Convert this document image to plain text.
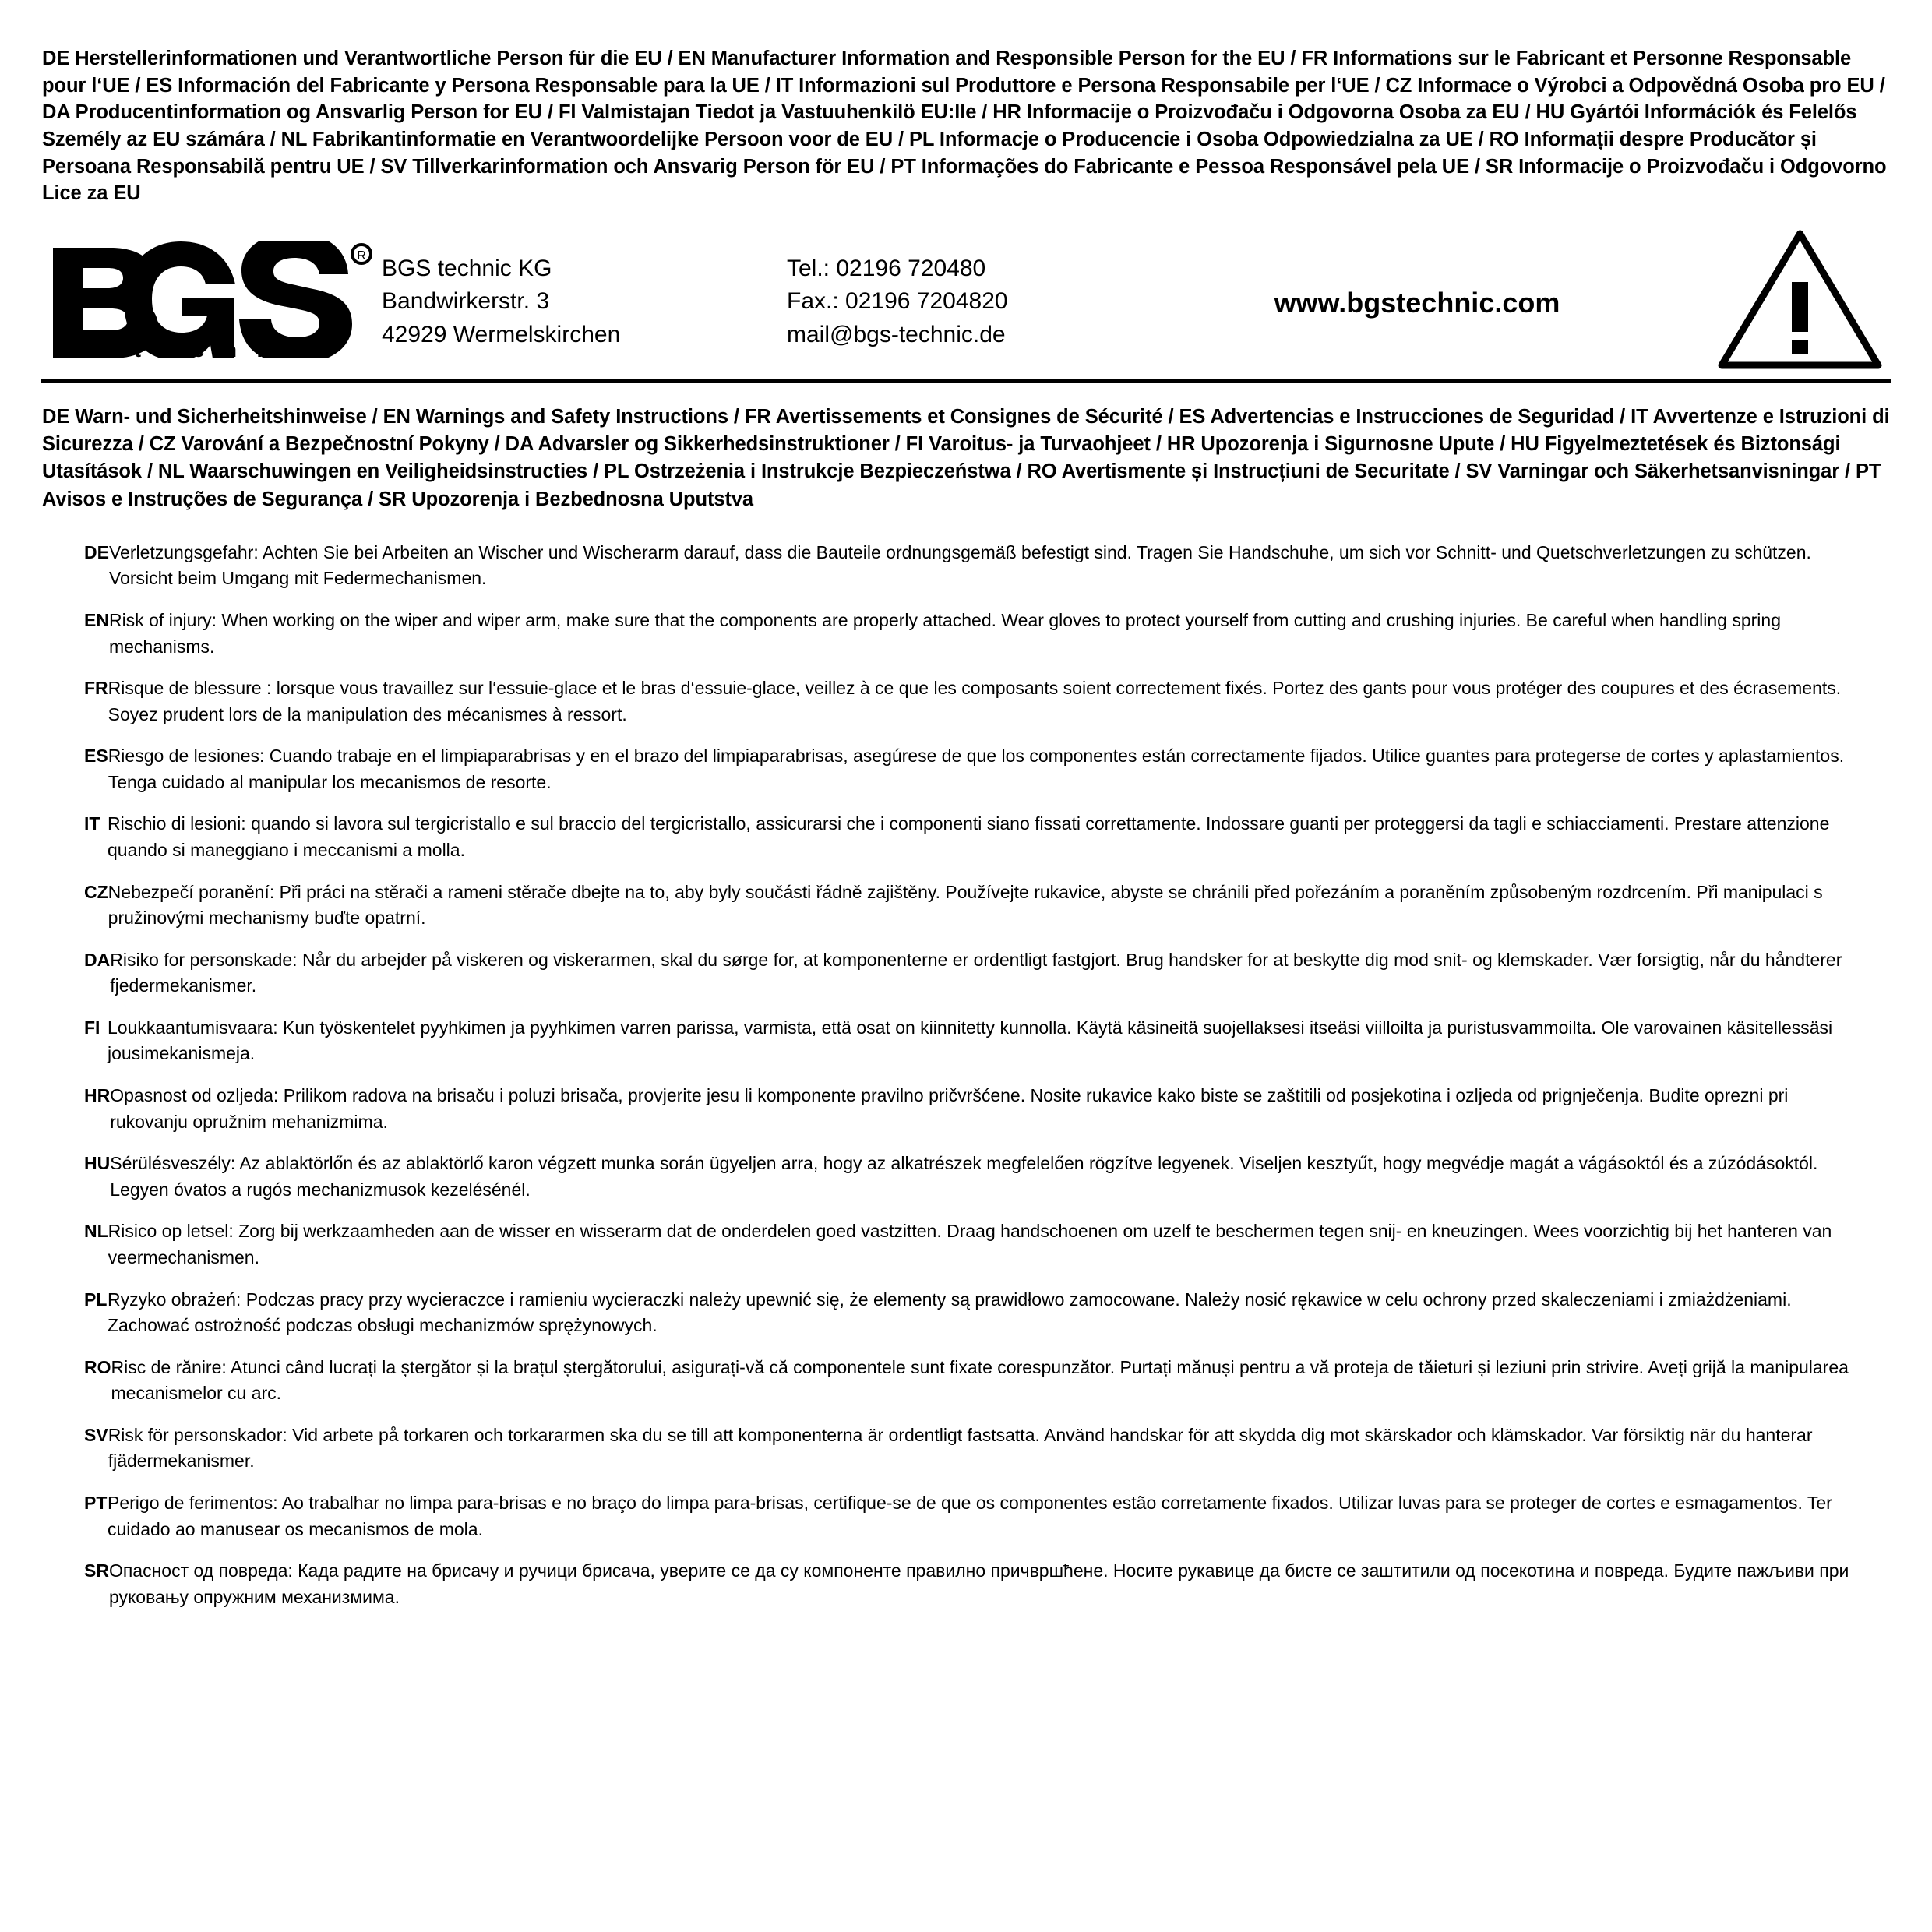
DE Herstellerinformationen und Verantwortliche Person für die EU / EN Manufacturer Information and Responsible Person for the EU / FR Informations sur le Fabricant et Personne Responsable pour l‘UE / ES Información del Fabricante y Persona Responsable para la UE / IT Informazioni sul Produttore e Persona Responsabile per l‘UE / CZ Informace o Výrobci a Odpovědná Osoba pro EU / DA Producentinformation og Ansvarlig Person for EU / FI Valmistajan Tiedot ja Vastuuhenkilö EU:lle / HR Informacije o Proizvođaču i Odgovorna Osoba za EU / HU Gyártói Információk és Felelős Személy az EU számára / NL Fabrikantinformatie en Verantwoordelijke Persoon voor de EU / PL Informacje o Producencie i Osoba Odpowiedzialna za UE / RO Informații despre Producător și Persoana Responsabilă pentru UE / SV Tillverkarinformation och Ansvarig Person för EU / PT Informações do Fabricante e Pessoa Responsável pela UE / SR Informacije o Proizvođaču i Odgovorno Lice za EU
R
t e c h n i c
BGS technic KG
Bandwirkerstr. 3
42929 Wermelskirchen
Tel.: 02196 720480
Fax.: 02196 7204820
mail@bgs-technic.de
www.bgstechnic.com
DE Warn- und Sicherheitshinweise / EN Warnings and Safety Instructions / FR Avertissements et Consignes de Sécurité / ES Advertencias e Instrucciones de Seguridad / IT Avvertenze e Istruzioni di Sicurezza / CZ Varování a Bezpečnostní Pokyny / DA Advarsler og Sikkerhedsinstruktioner / FI Varoitus- ja Turvaohjeet / HR Upozorenja i Sigurnosne Upute / HU Figyelmeztetések és Biztonsági Utasítások / NL Waarschuwingen en Veiligheidsinstructies / PL Ostrzeżenia i Instrukcje Bezpieczeństwa / RO Avertismente și Instrucțiuni de Securitate / SV Varningar och Säkerhetsanvisningar / PT Avisos e Instruções de Segurança / SR Upozorenja i Bezbednosna Uputstva
DE Verletzungsgefahr: Achten Sie bei Arbeiten an Wischer und Wischerarm darauf, dass die Bauteile ordnungsgemäß befestigt sind. Tragen Sie Handschuhe, um sich vor Schnitt- und Quetschverletzungen zu schützen. Vorsicht beim Umgang mit Federmechanismen.
EN Risk of injury: When working on the wiper and wiper arm, make sure that the components are properly attached. Wear gloves to protect yourself from cutting and crushing injuries. Be careful when handling spring mechanisms.
FR Risque de blessure : lorsque vous travaillez sur l‘essuie-glace et le bras d‘essuie-glace, veillez à ce que les composants soient correctement fixés. Portez des gants pour vous protéger des coupures et des écrasements. Soyez prudent lors de la manipulation des mécanismes à ressort.
ES Riesgo de lesiones: Cuando trabaje en el limpiaparabrisas y en el brazo del limpiaparabrisas, asegúrese de que los componentes están correctamente fijados. Utilice guantes para protegerse de cortes y aplastamientos. Tenga cuidado al manipular los mecanismos de resorte.
IT Rischio di lesioni: quando si lavora sul tergicristallo e sul braccio del tergicristallo, assicurarsi che i componenti siano fissati correttamente. Indossare guanti per proteggersi da tagli e schiacciamenti. Prestare attenzione quando si maneggiano i meccanismi a molla.
CZ Nebezpečí poranění: Při práci na stěrači a rameni stěrače dbejte na to, aby byly součásti řádně zajištěny. Používejte rukavice, abyste se chránili před pořezáním a poraněním způsobeným rozdrcením. Při manipulaci s pružinovými mechanismy buďte opatrní.
DA Risiko for personskade: Når du arbejder på viskeren og viskerarmen, skal du sørge for, at komponenterne er ordentligt fastgjort. Brug handsker for at beskytte dig mod snit- og klemskader. Vær forsigtig, når du håndterer fjedermekanismer.
FI Loukkaantumisvaara: Kun työskentelet pyyhkimen ja pyyhkimen varren parissa, varmista, että osat on kiinnitetty kunnolla. Käytä käsineitä suojellaksesi itseäsi viilloilta ja puristusvammoilta. Ole varovainen käsitellessäsi jousimekanismeja.
HR Opasnost od ozljeda: Prilikom radova na brisaču i poluzi brisača, provjerite jesu li komponente pravilno pričvršćene. Nosite rukavice kako biste se zaštitili od posjekotina i ozljeda od prignječenja. Budite oprezni pri rukovanju opružnim mehanizmima.
HU Sérülésveszély: Az ablaktörlőn és az ablaktörlő karon végzett munka során ügyeljen arra, hogy az alkatrészek megfelelően rögzítve legyenek. Viseljen kesztyűt, hogy megvédje magát a vágásoktól és a zúzódásoktól. Legyen óvatos a rugós mechanizmusok kezelésénél.
NL Risico op letsel: Zorg bij werkzaamheden aan de wisser en wisserarm dat de onderdelen goed vastzitten. Draag handschoenen om uzelf te beschermen tegen snij- en kneuzingen. Wees voorzichtig bij het hanteren van veermechanismen.
PL Ryzyko obrażeń: Podczas pracy przy wycieraczce i ramieniu wycieraczki należy upewnić się, że elementy są prawidłowo zamocowane. Należy nosić rękawice w celu ochrony przed skaleczeniami i zmiażdżeniami. Zachować ostrożność podczas obsługi mechanizmów sprężynowych.
RO Risc de rănire: Atunci când lucrați la ștergător și la brațul ștergătorului, asigurați-vă că componentele sunt fixate corespunzător. Purtați mănuși pentru a vă proteja de tăieturi și leziuni prin strivire. Aveți grijă la manipularea mecanismelor cu arc.
SV Risk för personskador: Vid arbete på torkaren och torkararmen ska du se till att komponenterna är ordentligt fastsatta. Använd handskar för att skydda dig mot skärskador och klämskador. Var försiktig när du hanterar fjädermekanismer.
PT Perigo de ferimentos: Ao trabalhar no limpa para-brisas e no braço do limpa para-brisas, certifique-se de que os componentes estão corretamente fixados. Utilizar luvas para se proteger de cortes e esmagamentos. Ter cuidado ao manusear os mecanismos de mola.
SR Опасност од повреда: Када радите на брисачу и ручици брисача, уверите се да су компоненте правилно причвршћене. Носите рукавице да бисте се заштитили од посекотина и повреда. Будите пажљиви при руковању опружним механизмима.
